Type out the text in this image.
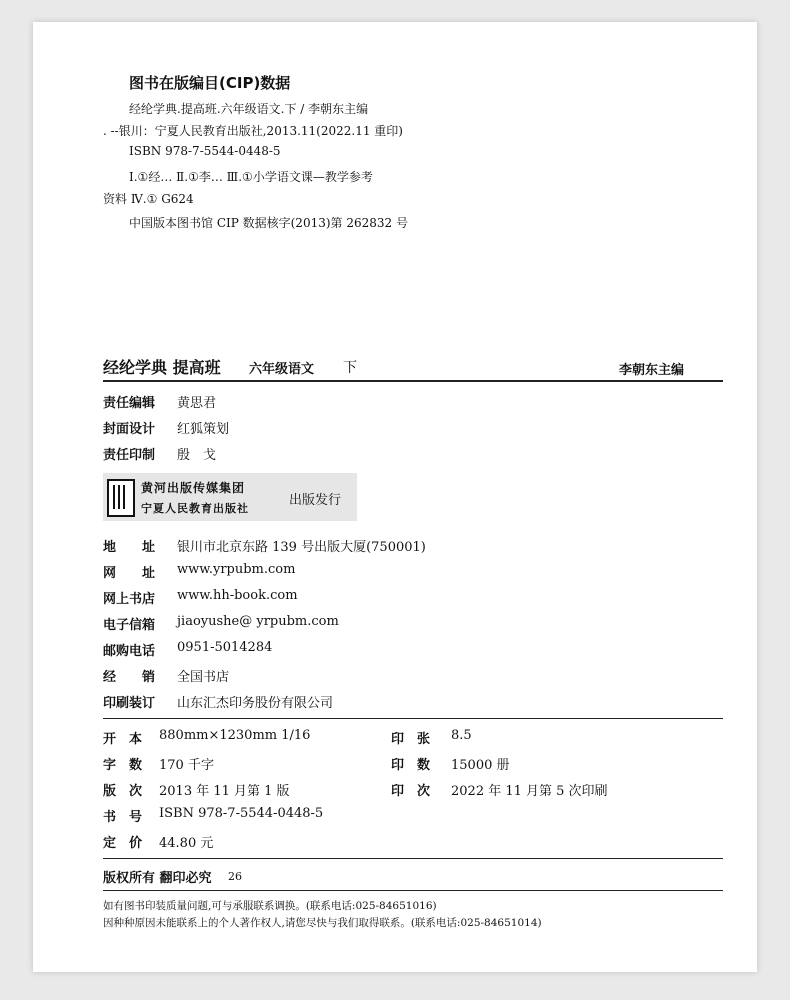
图书在版编目(CIP)数据
经纶学典.提高班.六年级语文.下 / 李朝东主编
. --银川：宁夏人民教育出版社,2013.11(2022.11 重印)
ISBN 978-7-5544-0448-5
Ⅰ.①经… Ⅱ.①李… Ⅲ.①小学语文课—教学参考
资料 Ⅳ.① G624
中国版本图书馆 CIP 数据核字(2013)第 262832 号
经纶学典 提高班 六年级语文 下	李朝东主编
责任编辑 黄思君
封面设计 红狐策划
责任印制 殷　戈
黄河出版传媒集团
宁夏人民教育出版社
出版发行
地　　址 银川市北京东路 139 号出版大厦(750001)
网　　址 www.yrpubm.com
网上书店 www.hh-book.com
电子信箱 jiaoyushe@ yrpubm.com
邮购电话 0951-5014284
经　　销 全国书店
印刷装订 山东汇杰印务股份有限公司
开　本 880mm×1230mm 1/16
字　数 170 千字
版　次 2013 年 11 月第 1 版
书　号 ISBN 978-7-5544-0448-5
定　价 44.80 元
印　张 8.5
印　数 15000 册
印　次 2022 年 11 月第 5 次印刷
版权所有 翻印必究 26
如有图书印装质量问题,可与承服联系调换。(联系电话:025-84651016)
因种种原因未能联系上的个人著作权人,请您尽快与我们取得联系。(联系电话:025-84651014)
